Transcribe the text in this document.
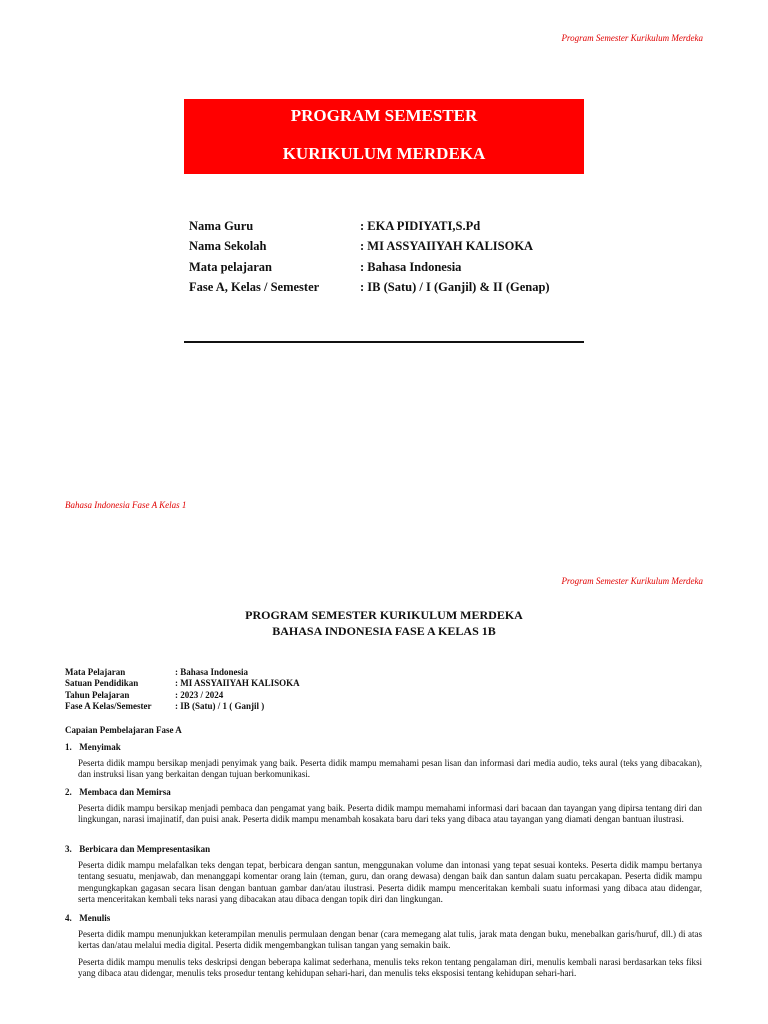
Program Semester Kurikulum Merdeka
PROGRAM SEMESTER
KURIKULUM MERDEKA
Nama Guru	: EKA PIDIYATI,S.Pd
Nama Sekolah	: MI ASSYAIIYAH KALISOKA
Mata pelajaran	: Bahasa Indonesia
Fase A, Kelas / Semester	: IB (Satu) / I (Ganjil) & II (Genap)
Bahasa Indonesia Fase A Kelas 1
Program Semester Kurikulum Merdeka
PROGRAM SEMESTER KURIKULUM MERDEKA
BAHASA INDONESIA FASE A KELAS 1B
Mata Pelajaran	: Bahasa Indonesia
Satuan Pendidikan	: MI ASSYAIIYAH KALISOKA
Tahun Pelajaran	: 2023 / 2024
Fase A Kelas/Semester	: IB (Satu) / 1 ( Ganjil )
Capaian Pembelajaran Fase A
1. Menyimak
Peserta didik mampu bersikap menjadi penyimak yang baik. Peserta didik mampu memahami pesan lisan dan informasi dari media audio, teks aural (teks yang dibacakan), dan instruksi lisan yang berkaitan dengan tujuan berkomunikasi.
2. Membaca dan Memirsa
Peserta didik mampu bersikap menjadi pembaca dan pengamat yang baik. Peserta didik mampu memahami informasi dari bacaan dan tayangan yang dipirsa tentang diri dan lingkungan, narasi imajinatif, dan puisi anak. Peserta didik mampu menambah kosakata baru dari teks yang dibaca atau tayangan yang diamati dengan bantuan ilustrasi.
3. Berbicara dan Mempresentasikan
Peserta didik mampu melafalkan teks dengan tepat, berbicara dengan santun, menggunakan volume dan intonasi yang tepat sesuai konteks. Peserta didik mampu bertanya tentang sesuatu, menjawab, dan menanggapi komentar orang lain (teman, guru, dan orang dewasa) dengan baik dan santun dalam suatu percakapan. Peserta didik mampu mengungkapkan gagasan secara lisan dengan bantuan gambar dan/atau ilustrasi. Peserta didik mampu menceritakan kembali suatu informasi yang dibaca atau didengar, serta menceritakan kembali teks narasi yang dibacakan atau dibaca dengan topik diri dan lingkungan.
4. Menulis
Peserta didik mampu menunjukkan keterampilan menulis permulaan dengan benar (cara memegang alat tulis, jarak mata dengan buku, menebalkan garis/huruf, dll.) di atas kertas dan/atau melalui media digital. Peserta didik mengembangkan tulisan tangan yang semakin baik.
Peserta didik mampu menulis teks deskripsi dengan beberapa kalimat sederhana, menulis teks rekon tentang pengalaman diri, menulis kembali narasi berdasarkan teks fiksi yang dibaca atau didengar, menulis teks prosedur tentang kehidupan sehari-hari, dan menulis teks eksposisi tentang kehidupan sehari-hari.
